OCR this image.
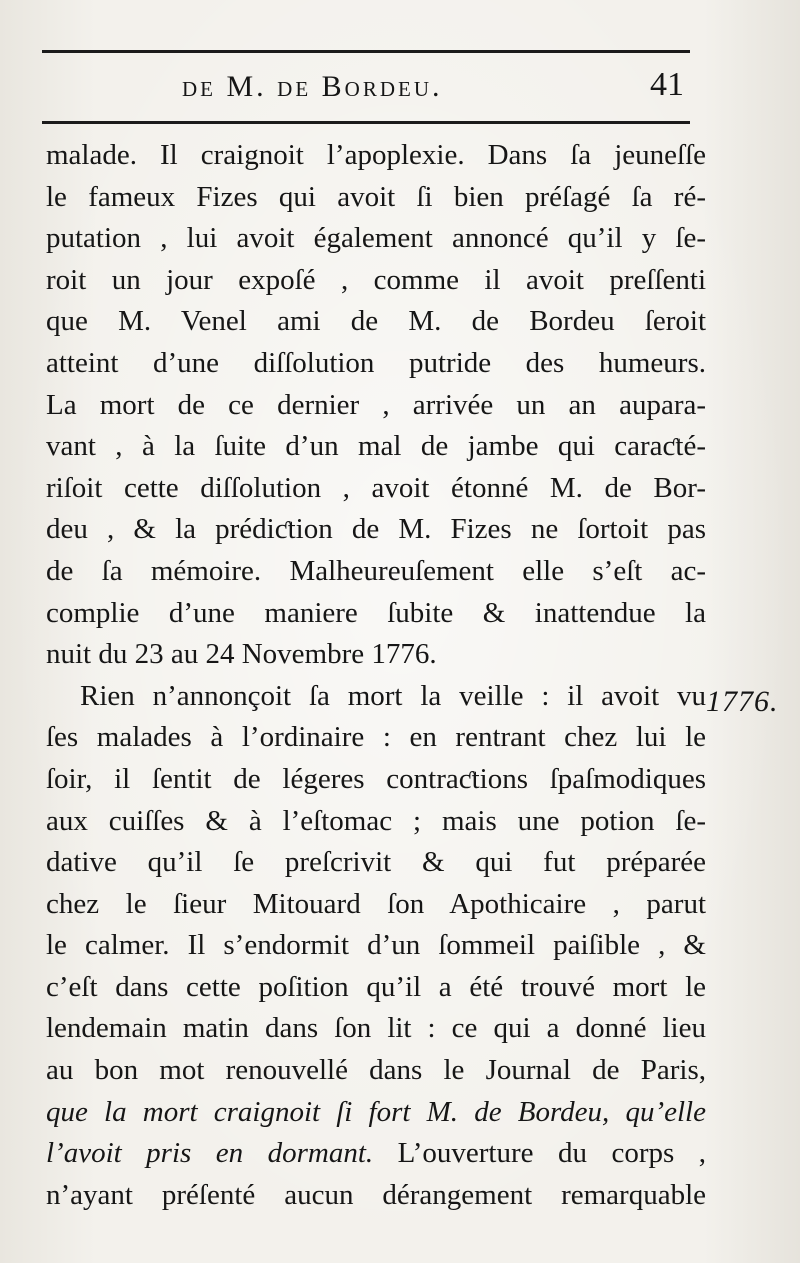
de M. de Bordeu.	41
malade. Il craignoit l’apoplexie. Dans ſa jeuneſſe
le fameux Fizes qui avoit ſi bien préſagé ſa ré-
putation , lui avoit également annoncé qu’il y ſe-
roit un jour expoſé , comme il avoit preſſenti
que M. Venel ami de M. de Bordeu ſeroit
atteint d’une diſſolution putride des humeurs.
La mort de ce dernier , arrivée un an aupara-
vant , à la ſuite d’un mal de jambe qui caraƈté-
riſoit cette diſſolution , avoit étonné M. de Bor-
deu , & la prédiƈtion de M. Fizes ne ſortoit pas
de ſa mémoire. Malheureuſement elle s’eſt ac-
complie d’une maniere ſubite & inattendue la
nuit du 23 au 24 Novembre 1776.
Rien n’annonçoit ſa mort la veille : il avoit vu
ſes malades à l’ordinaire : en rentrant chez lui le
ſoir, il ſentit de légeres contraƈtions ſpaſmodiques
aux cuiſſes & à l’eſtomac ; mais une potion ſe-
dative qu’il ſe preſcrivit & qui fut préparée
chez le ſieur Mitouard ſon Apothicaire , parut
le calmer. Il s’endormit d’un ſommeil paiſible , &
c’eſt dans cette poſition qu’il a été trouvé mort le
lendemain matin dans ſon lit : ce qui a donné lieu
au bon mot renouvellé dans le Journal de Paris,
que la mort craignoit ſi fort M. de Bordeu, qu’elle
l’avoit pris en dormant. L’ouverture du corps ,
n’ayant préſenté aucun dérangement remarquable
1776.
